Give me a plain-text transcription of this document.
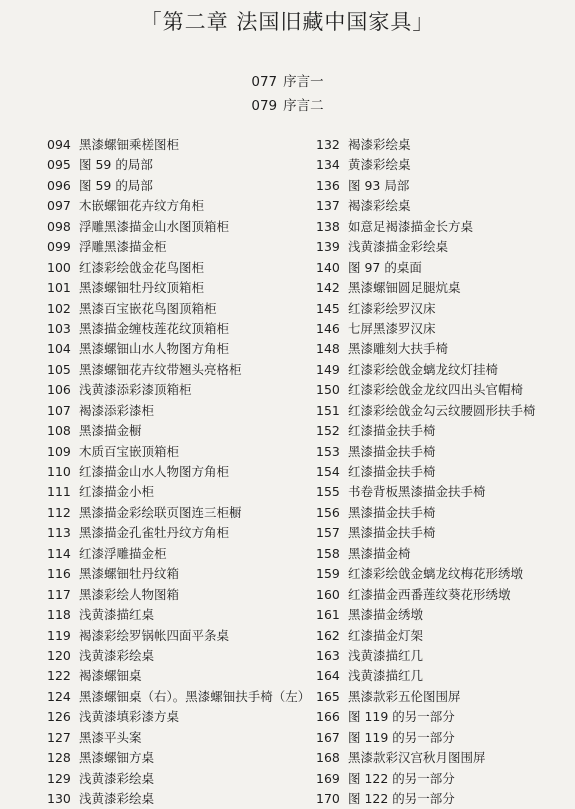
「第二章 法国旧藏中国家具」
077 序言一
079 序言二
094 黑漆螺钿乘槎图柜
095 图 59 的局部
096 图 59 的局部
097 木嵌螺钿花卉纹方角柜
098 浮雕黑漆描金山水图顶箱柜
099 浮雕黑漆描金柜
100 红漆彩绘戗金花鸟图柜
101 黑漆螺钿牡丹纹顶箱柜
102 黑漆百宝嵌花鸟图顶箱柜
103 黑漆描金缠枝莲花纹顶箱柜
104 黑漆螺钿山水人物图方角柜
105 黑漆螺钿花卉纹带翘头亮格柜
106 浅黄漆添彩漆顶箱柜
107 褐漆添彩漆柜
108 黑漆描金橱
109 木质百宝嵌顶箱柜
110 红漆描金山水人物图方角柜
111 红漆描金小柜
112 黑漆描金彩绘联页图连三柜橱
113 黑漆描金孔雀牡丹纹方角柜
114 红漆浮雕描金柜
116 黑漆螺钿牡丹纹箱
117 黑漆彩绘人物图箱
118 浅黄漆描红桌
119 褐漆彩绘罗锅帐四面平条桌
120 浅黄漆彩绘桌
122 褐漆螺钿桌
124 黑漆螺钿桌（右）。黑漆螺钿扶手椅（左）
126 浅黄漆填彩漆方桌
127 黑漆平头案
128 黑漆螺钿方桌
129 浅黄漆彩绘桌
130 浅黄漆彩绘桌
132 褐漆彩绘桌
134 黄漆彩绘桌
136 图 93 局部
137 褐漆彩绘桌
138 如意足褐漆描金长方桌
139 浅黄漆描金彩绘桌
140 图 97 的桌面
142 黑漆螺钿圆足腿炕桌
145 红漆彩绘罗汉床
146 七屏黑漆罗汉床
148 黑漆雕刻大扶手椅
149 红漆彩绘戗金螭龙纹灯挂椅
150 红漆彩绘戗金龙纹四出头官帽椅
151 红漆彩绘戗金勾云纹腰圆形扶手椅
152 红漆描金扶手椅
153 黑漆描金扶手椅
154 红漆描金扶手椅
155 书卷背板黑漆描金扶手椅
156 黑漆描金扶手椅
157 黑漆描金扶手椅
158 黑漆描金椅
159 红漆彩绘戗金螭龙纹梅花形绣墩
160 红漆描金西番莲纹葵花形绣墩
161 黑漆描金绣墩
162 红漆描金灯架
163 浅黄漆描红几
164 浅黄漆描红几
165 黑漆款彩五伦图围屏
166 图 119 的另一部分
167 图 119 的另一部分
168 黑漆款彩汉宫秋月图围屏
169 图 122 的另一部分
170 图 122 的另一部分
